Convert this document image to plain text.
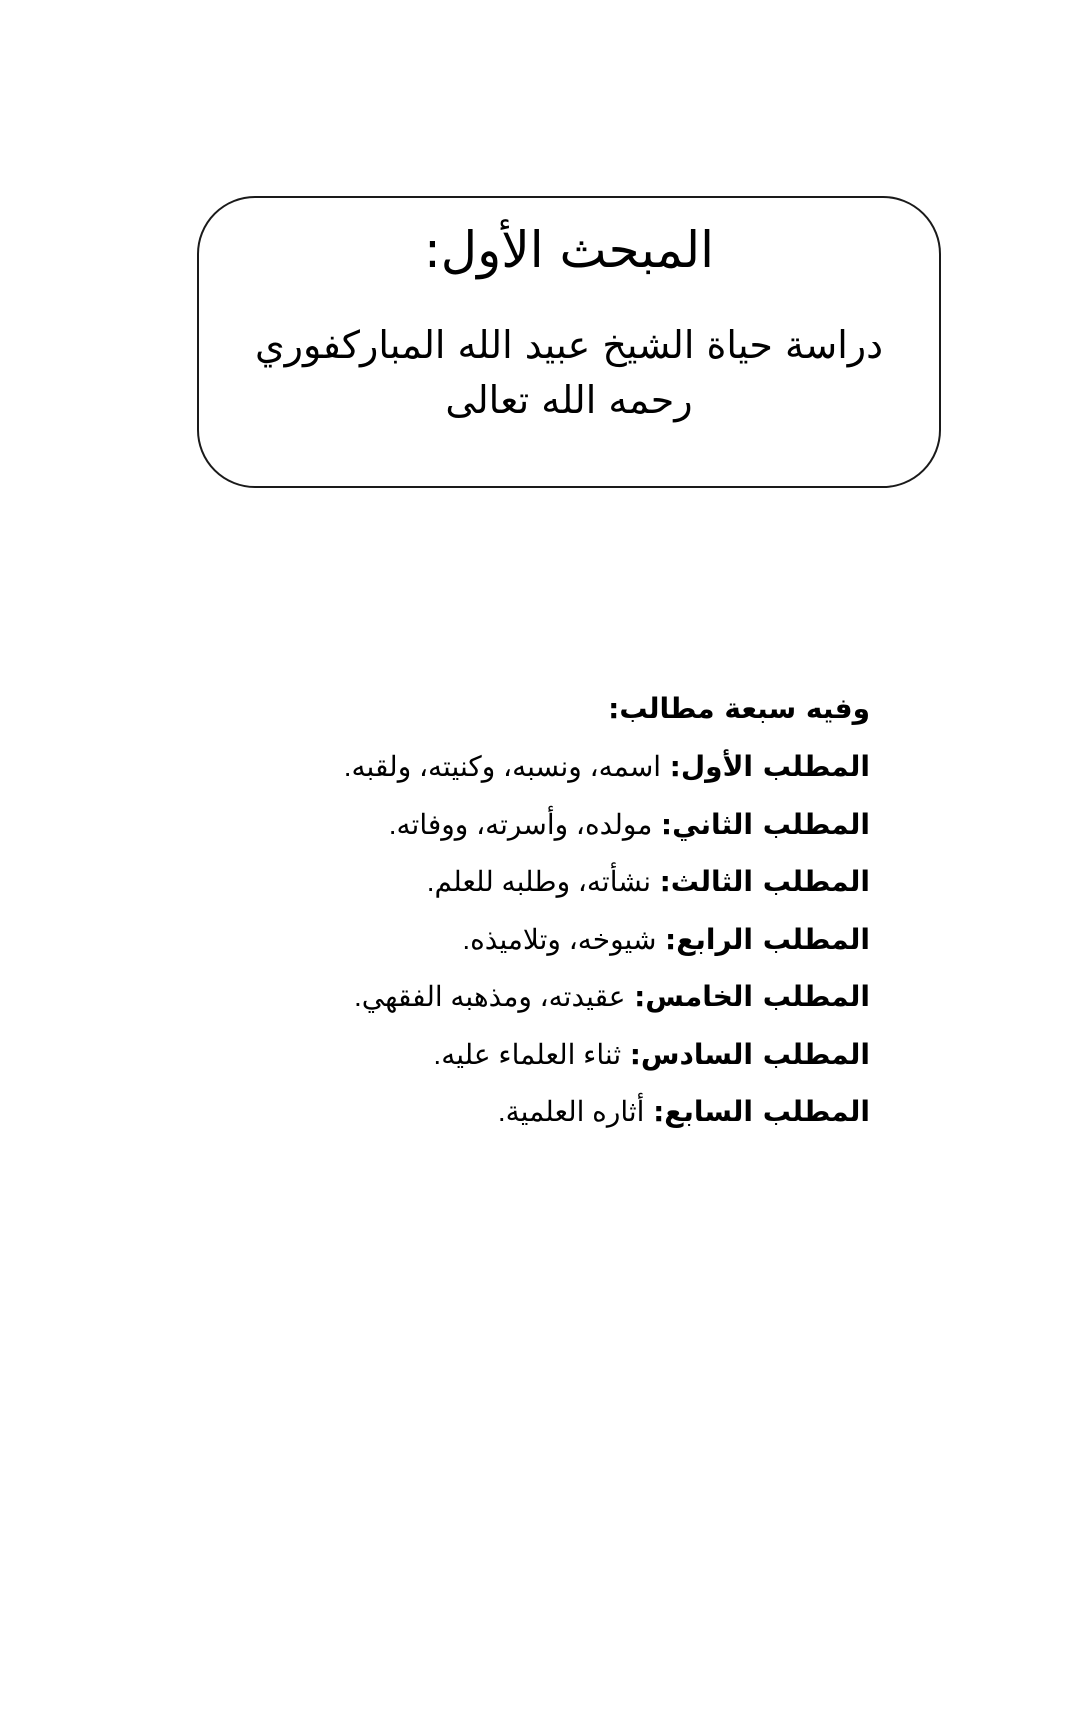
المبحث الأول:

دراسة حياة الشيخ عبيد الله المباركفوري رحمه الله تعالى

وفيه سبعة مطالب:
المطلب الأول: اسمه، ونسبه، وكنيته، ولقبه.
المطلب الثاني: مولده، وأسرته، ووفاته.
المطلب الثالث: نشأته، وطلبه للعلم.
المطلب الرابع: شيوخه، وتلاميذه.
المطلب الخامس: عقيدته، ومذهبه الفقهي.
المطلب السادس: ثناء العلماء عليه.
المطلب السابع: أثاره العلمية.
